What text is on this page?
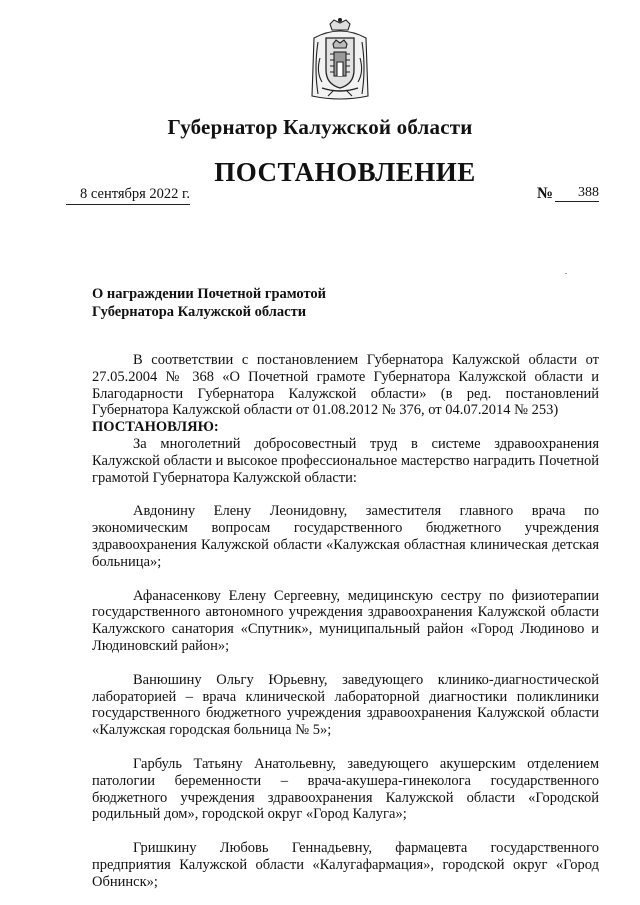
Губернатор Калужской области
ПОСТАНОВЛЕНИЕ
8 сентября 2022 г.	№	388
О награждении Почетной грамотой
Губернатора Калужской области

В соответствии с постановлением Губернатора Калужской области от 27.05.2004 № 368 «О Почетной грамоте Губернатора Калужской области и Благодарности Губернатора Калужской области» (в ред. постановлений Губернатора Калужской области от 01.08.2012 № 376, от 04.07.2014 № 253)

ПОСТАНОВЛЯЮ:

За многолетний добросовестный труд в системе здравоохранения Калужской области и высокое профессиональное мастерство наградить Почетной грамотой Губернатора Калужской области:

Авдонину Елену Леонидовну, заместителя главного врача по экономическим вопросам государственного бюджетного учреждения здравоохранения Калужской области «Калужская областная клиническая детская больница»;

Афанасенкову Елену Сергеевну, медицинскую сестру по физиотерапии государственного автономного учреждения здравоохранения Калужской области Калужского санатория «Спутник», муниципальный район «Город Людиново и Людиновский район»;

Ванюшину Ольгу Юрьевну, заведующего клинико-диагностической лабораторией – врача клинической лабораторной диагностики поликлиники государственного бюджетного учреждения здравоохранения Калужской области «Калужская городская больница № 5»;

Гарбуль Татьяну Анатольевну, заведующего акушерским отделением патологии беременности – врача-акушера-гинеколога государственного бюджетного учреждения здравоохранения Калужской области «Городской родильный дом», городской округ «Город Калуга»;

Гришкину Любовь Геннадьевну, фармацевта государственного предприятия Калужской области «Калугафармация», городской округ «Город Обнинск»;
